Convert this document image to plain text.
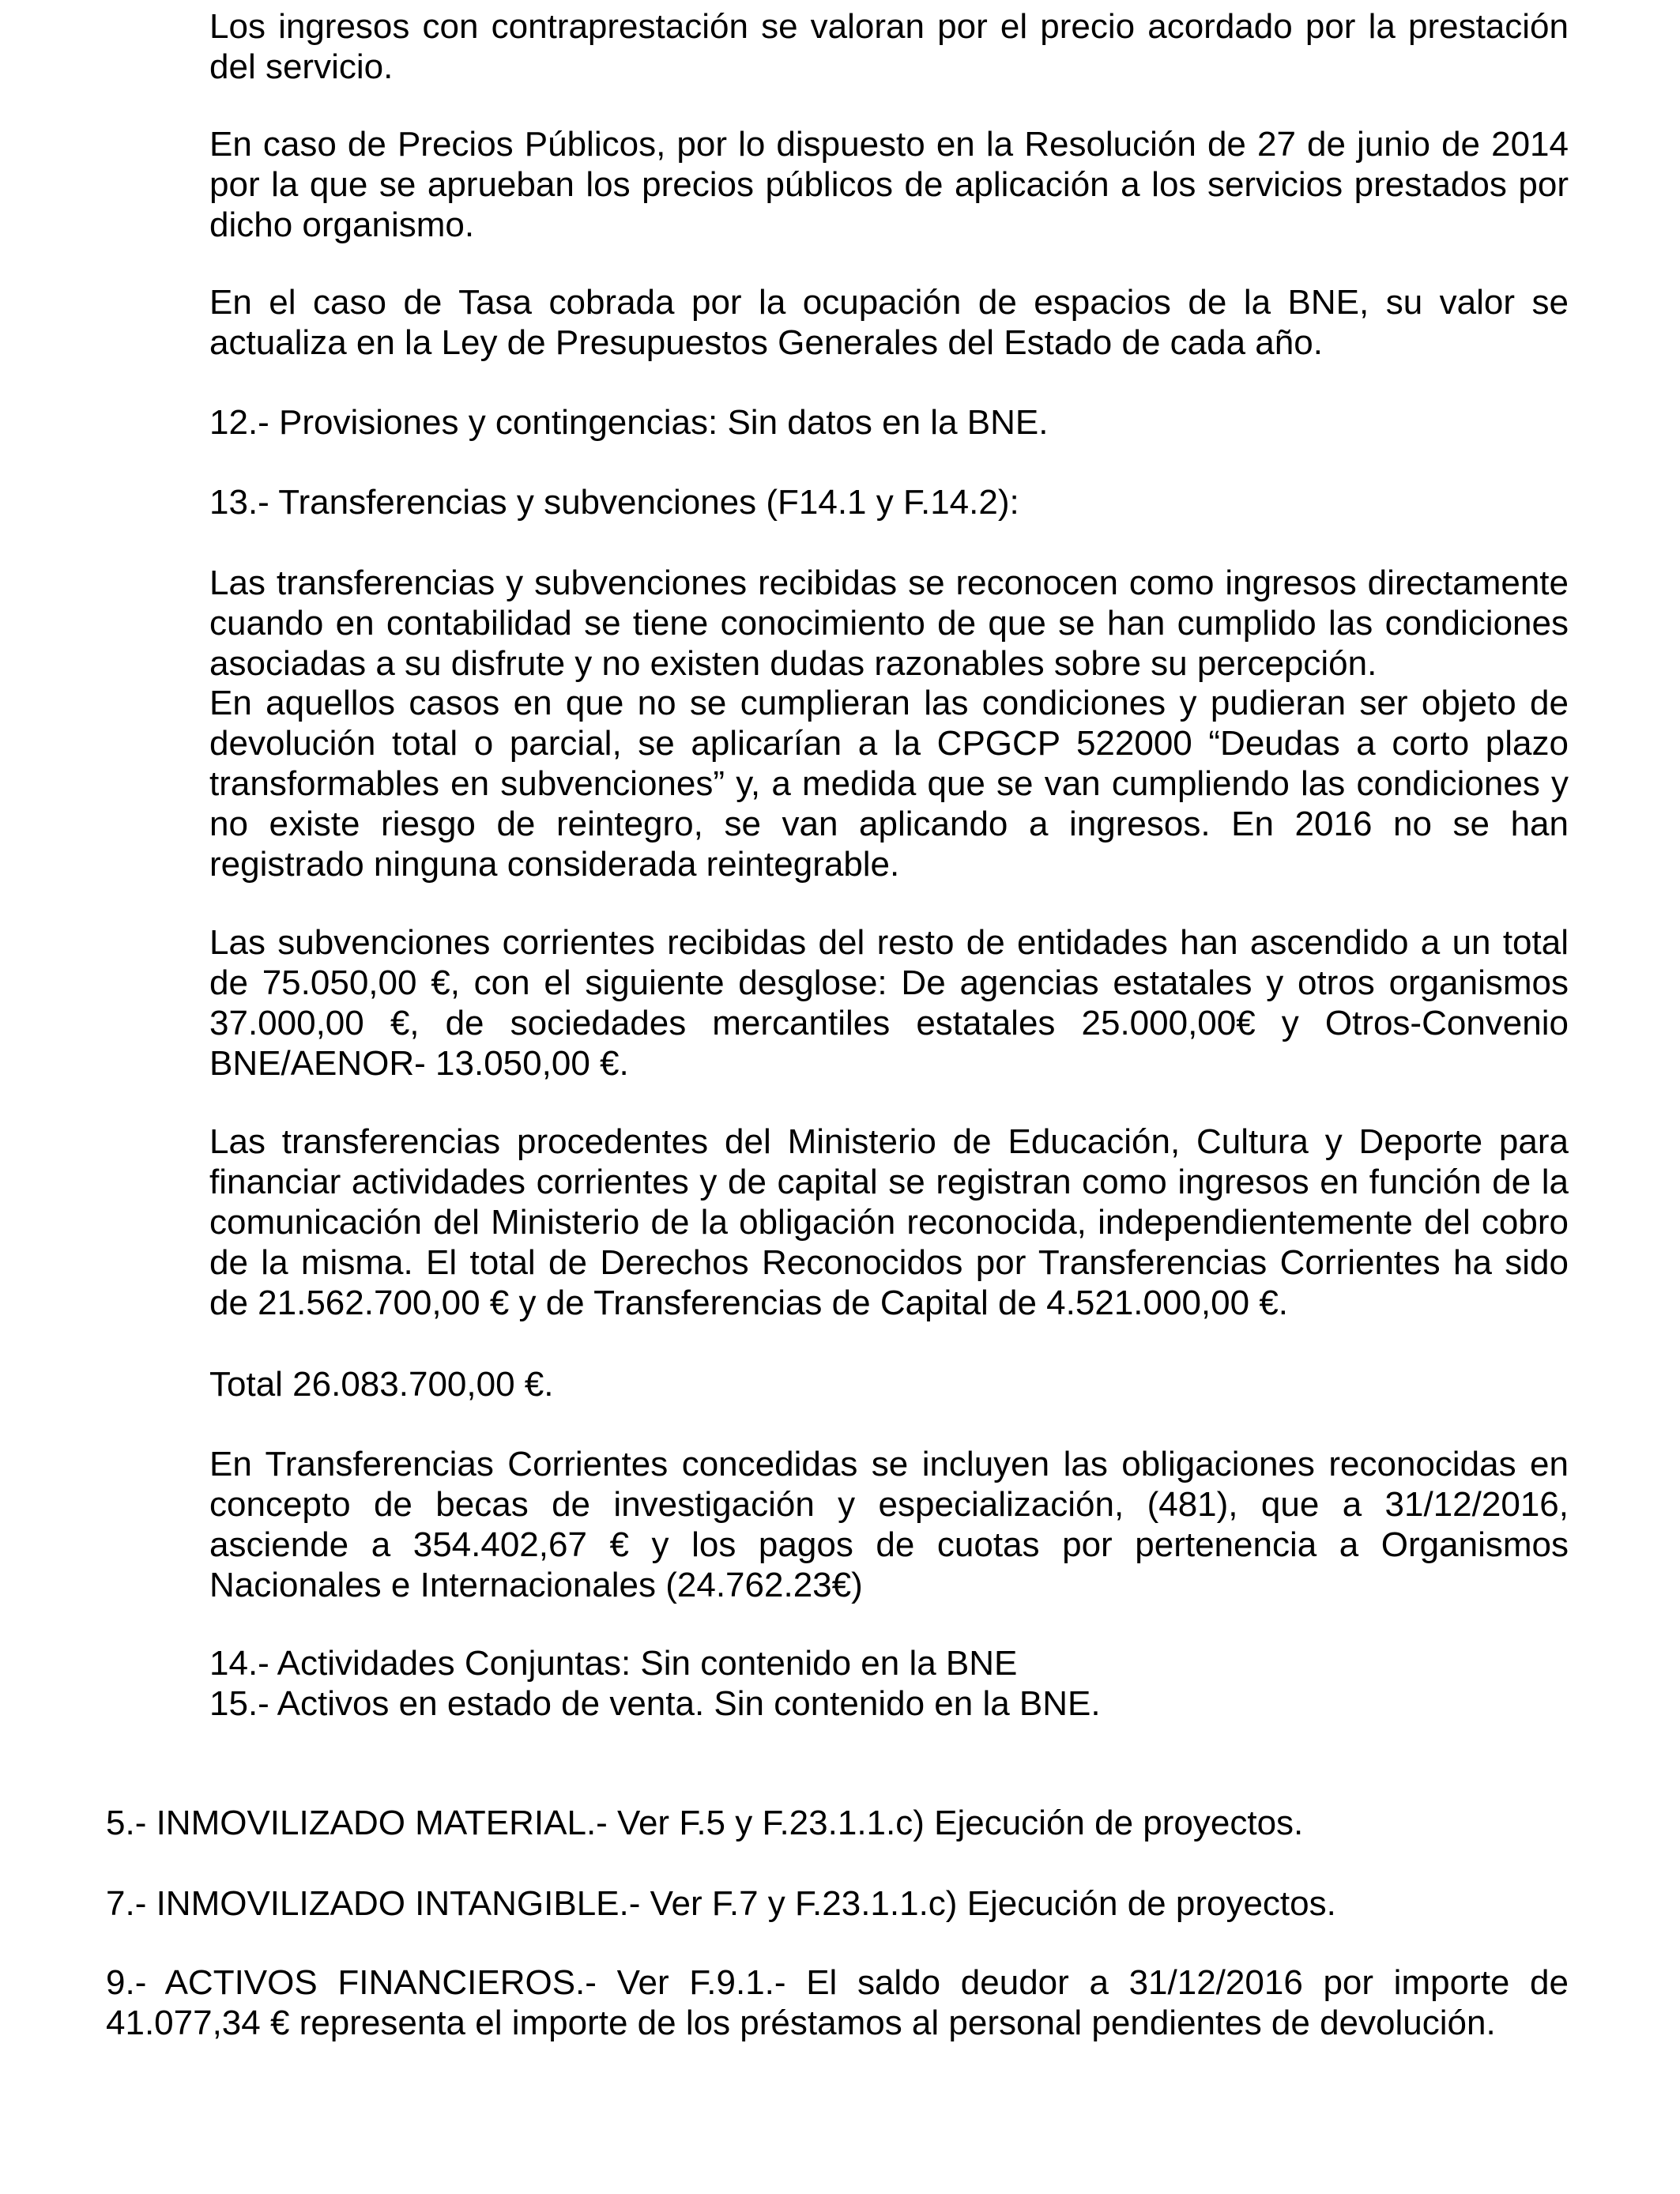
Los ingresos con contraprestación se valoran por el precio acordado por la prestación del servicio.

En caso de Precios Públicos, por lo dispuesto en la Resolución de 27 de junio de 2014 por la que se aprueban los precios públicos de aplicación a los servicios prestados por dicho organismo.

En el caso de Tasa cobrada por la ocupación de espacios de la BNE, su valor se actualiza en la Ley de Presupuestos Generales del Estado de cada año.

12.- Provisiones y contingencias: Sin datos en la BNE.

13.- Transferencias y subvenciones (F14.1 y F.14.2):

Las transferencias y subvenciones recibidas se reconocen como ingresos directamente cuando en contabilidad se tiene conocimiento de que se han cumplido las condiciones asociadas a su disfrute y no existen dudas razonables sobre su percepción.

En aquellos casos en que no se cumplieran las condiciones y pudieran ser objeto de devolución total o parcial, se aplicarían a la CPGCP 522000 “Deudas a corto plazo transformables en subvenciones” y, a medida que se van cumpliendo las condiciones y no existe riesgo de reintegro, se van aplicando a ingresos. En 2016 no se han registrado ninguna considerada reintegrable.

Las subvenciones corrientes recibidas del resto de entidades han ascendido a un total de 75.050,00 €, con el siguiente desglose: De agencias estatales y otros organismos 37.000,00 €, de sociedades mercantiles estatales 25.000,00€ y Otros-Convenio BNE/AENOR- 13.050,00 €.

Las transferencias procedentes del Ministerio de Educación, Cultura y Deporte para financiar actividades corrientes y de capital se registran como ingresos en función de la comunicación del Ministerio de la obligación reconocida, independientemente del cobro de la misma. El total de Derechos Reconocidos por Transferencias Corrientes ha sido de 21.562.700,00 € y de Transferencias de Capital de 4.521.000,00 €.

Total 26.083.700,00 €.

En Transferencias Corrientes concedidas se incluyen las obligaciones reconocidas en concepto de becas de investigación y especialización, (481), que a 31/12/2016, asciende a 354.402,67 € y los pagos de cuotas por pertenencia a Organismos Nacionales e Internacionales (24.762.23€)

14.- Actividades Conjuntas: Sin contenido en la BNE

15.- Activos en estado de venta. Sin contenido en la BNE.

5.- INMOVILIZADO MATERIAL.- Ver F.5 y F.23.1.1.c) Ejecución de proyectos.

7.- INMOVILIZADO INTANGIBLE.- Ver F.7 y F.23.1.1.c) Ejecución de proyectos.

9.- ACTIVOS FINANCIEROS.- Ver F.9.1.- El saldo deudor a 31/12/2016 por importe de 41.077,34 € representa el importe de los préstamos al personal pendientes de devolución.
